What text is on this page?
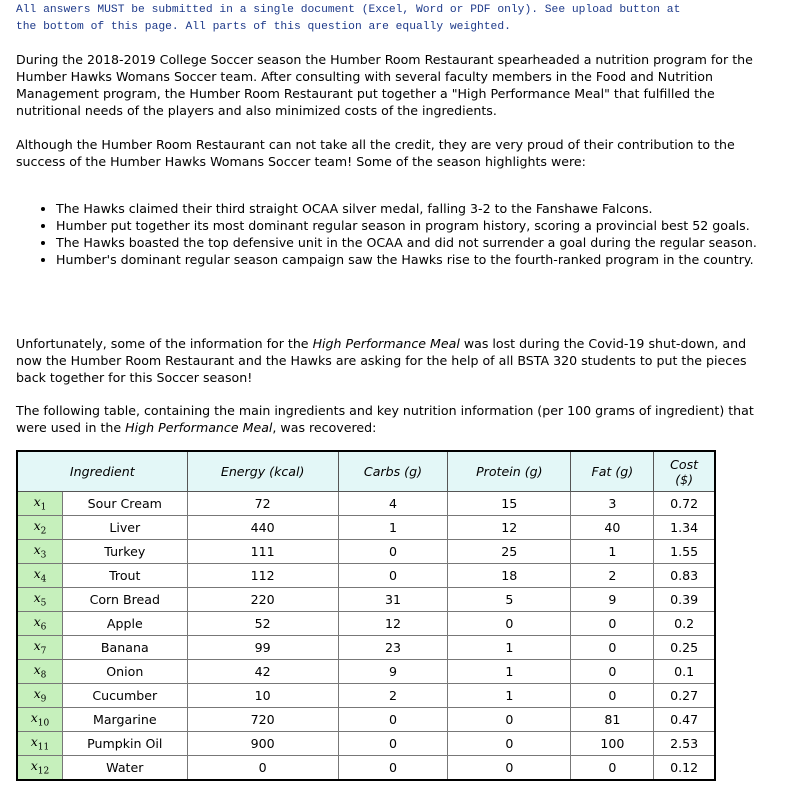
All answers MUST be submitted in a single document (Excel, Word or PDF only). See upload button at
the bottom of this page. All parts of this question are equally weighted.

During the 2018-2019 College Soccer season the Humber Room Restaurant spearheaded a nutrition program for the Humber Hawks Womans Soccer team. After consulting with several faculty members in the Food and Nutrition Management program, the Humber Room Restaurant put together a "High Performance Meal" that fulfilled the nutritional needs of the players and also minimized costs of the ingredients.

Although the Humber Room Restaurant can not take all the credit, they are very proud of their contribution to the success of the Humber Hawks Womans Soccer team! Some of the season highlights were:

• The Hawks claimed their third straight OCAA silver medal, falling 3-2 to the Fanshawe Falcons.
• Humber put together its most dominant regular season in program history, scoring a provincial best 52 goals.
• The Hawks boasted the top defensive unit in the OCAA and did not surrender a goal during the regular season.
• Humber's dominant regular season campaign saw the Hawks rise to the fourth-ranked program in the country.

Unfortunately, some of the information for the High Performance Meal was lost during the Covid-19 shut-down, and now the Humber Room Restaurant and the Hawks are asking for the help of all BSTA 320 students to put the pieces back together for this Soccer season!

The following table, containing the main ingredients and key nutrition information (per 100 grams of ingredient) that were used in the High Performance Meal, was recovered:

Ingredient		Energy (kcal)	Carbs (g)	Protein (g)	Fat (g)	Cost
($)
$x_1$	Sour Cream	72	4	15	3	0.72
$x_2$	Liver	440	1	12	40	1.34
$x_3$	Turkey	111	0	25	1	1.55
$x_4$	Trout	112	0	18	2	0.83
$x_5$	Corn Bread	220	31	5	9	0.39
$x_6$	Apple	52	12	0	0	0.2
$x_7$	Banana	99	23	1	0	0.25
$x_8$	Onion	42	9	1	0	0.1
$x_9$	Cucumber	10	2	1	0	0.27
$x_{10}$	Margarine	720	0	0	81	0.47
$x_{11}$	Pumpkin Oil	900	0	0	100	2.53
$x_{12}$	Water	0	0	0	0	0.12
